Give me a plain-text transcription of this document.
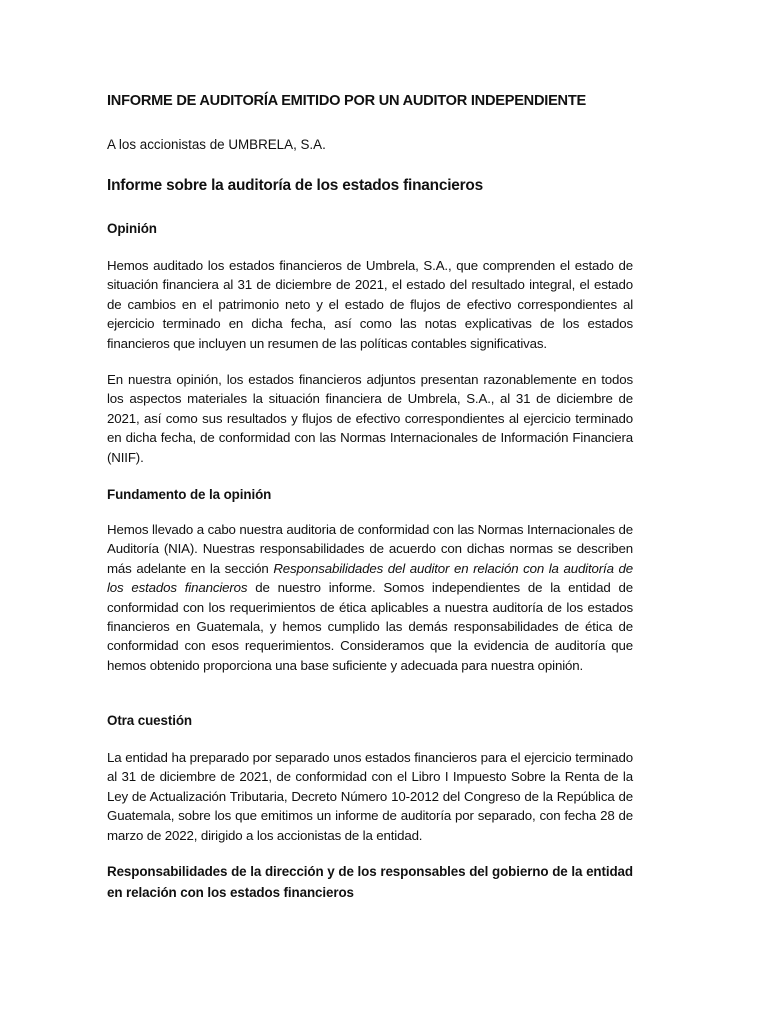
INFORME DE AUDITORÍA EMITIDO POR UN AUDITOR INDEPENDIENTE

A los accionistas de UMBRELA, S.A.

Informe sobre la auditoría de los estados financieros
Opinión

Hemos auditado los estados financieros de Umbrela, S.A., que comprenden el estado de situación financiera al 31 de diciembre de 2021, el estado del resultado integral, el estado de cambios en el patrimonio neto y el estado de flujos de efectivo correspondientes al ejercicio terminado en dicha fecha, así como las notas explicativas de los estados financieros que incluyen un resumen de las políticas contables significativas.

En nuestra opinión, los estados financieros adjuntos presentan razonablemente en todos los aspectos materiales la situación financiera de Umbrela, S.A., al 31 de diciembre de 2021, así como sus resultados y flujos de efectivo correspondientes al ejercicio terminado en dicha fecha, de conformidad con las Normas Internacionales de Información Financiera (NIIF).

Fundamento de la opinión

Hemos llevado a cabo nuestra auditoria de conformidad con las Normas Internacionales de Auditoría (NIA). Nuestras responsabilidades de acuerdo con dichas normas se describen más adelante en la sección Responsabilidades del auditor en relación con la auditoría de los estados financieros de nuestro informe. Somos independientes de la entidad de conformidad con los requerimientos de ética aplicables a nuestra auditoría de los estados financieros en Guatemala, y hemos cumplido las demás responsabilidades de ética de conformidad con esos requerimientos. Consideramos que la evidencia de auditoría que hemos obtenido proporciona una base suficiente y adecuada para nuestra opinión.

Otra cuestión

La entidad ha preparado por separado unos estados financieros para el ejercicio terminado al 31 de diciembre de 2021, de conformidad con el Libro I Impuesto Sobre la Renta de la Ley de Actualización Tributaria, Decreto Número 10-2012 del Congreso de la República de Guatemala, sobre los que emitimos un informe de auditoría por separado, con fecha 28 de marzo de 2022, dirigido a los accionistas de la entidad.

Responsabilidades de la dirección y de los responsables del gobierno de la entidad en relación con los estados financieros
